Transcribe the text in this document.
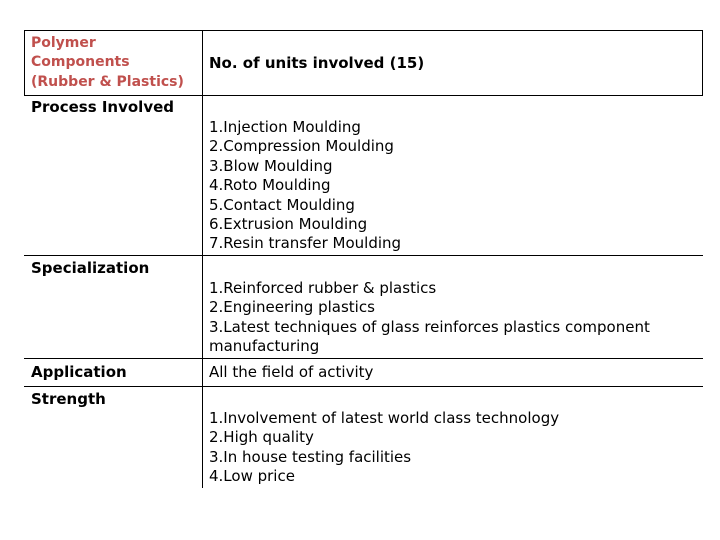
Polymer
Components
(Rubber & Plastics)
No. of units involved (15)
Process Involved
1.Injection Moulding
2.Compression Moulding
3.Blow Moulding
4.Roto Moulding
5.Contact Moulding
6.Extrusion Moulding
7.Resin transfer Moulding
Specialization
1.Reinforced rubber & plastics
2.Engineering plastics
3.Latest techniques of glass reinforces plastics component
manufacturing
Application	All the field of activity
Strength
1.Involvement of latest world class technology
2.High quality
3.In house testing facilities
4.Low price
